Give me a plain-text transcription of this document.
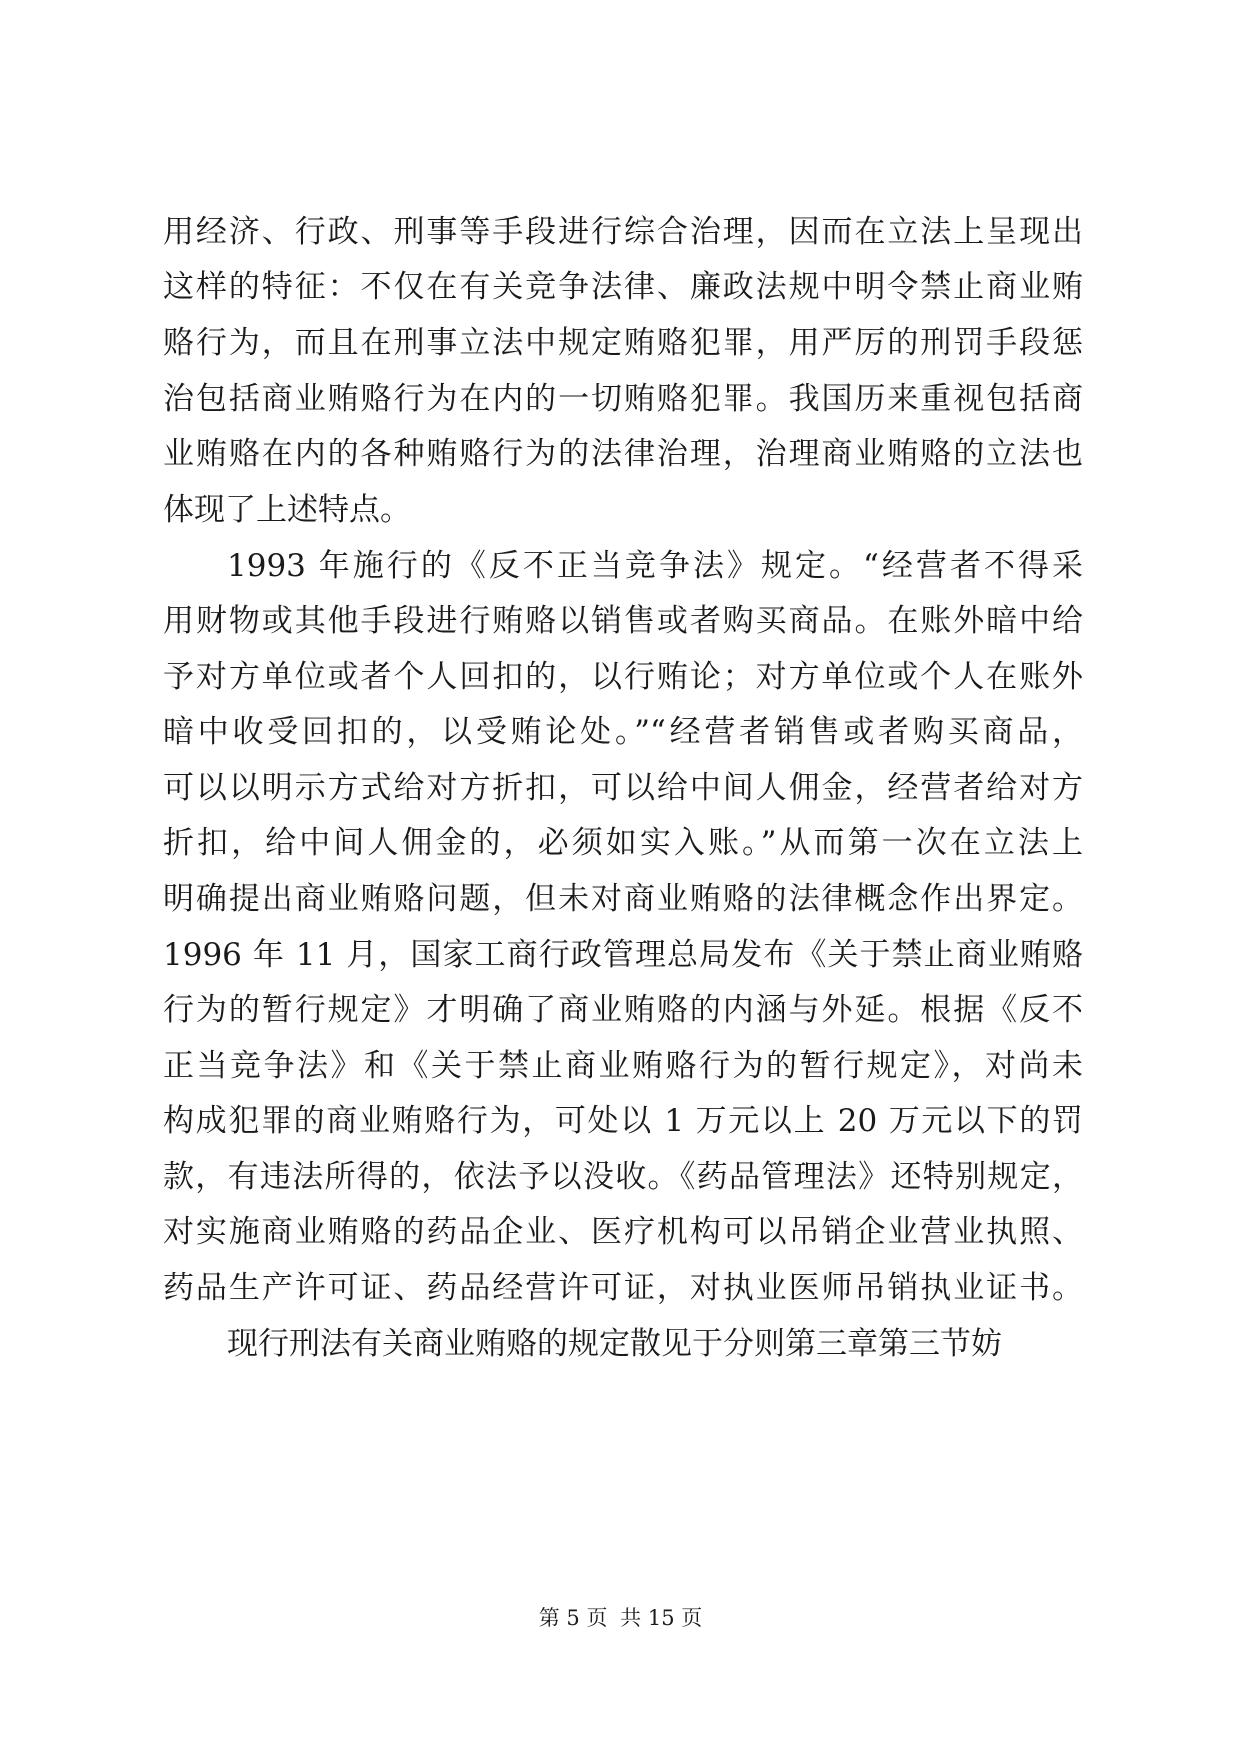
用经济、行政、刑事等手段进行综合治理，因而在立法上呈现出
这样的特征：不仅在有关竞争法律、廉政法规中明令禁止商业贿
赂行为，而且在刑事立法中规定贿赂犯罪，用严厉的刑罚手段惩
治包括商业贿赂行为在内的一切贿赂犯罪。我国历来重视包括商
业贿赂在内的各种贿赂行为的法律治理，治理商业贿赂的立法也
体现了上述特点。
1993 年施行的《反不正当竞争法》规定。“经营者不得采
用财物或其他手段进行贿赂以销售或者购买商品。在账外暗中给
予对方单位或者个人回扣的，以行贿论；对方单位或个人在账外
暗中收受回扣的，以受贿论处。”“经营者销售或者购买商品，
可以以明示方式给对方折扣，可以给中间人佣金，经营者给对方
折扣，给中间人佣金的，必须如实入账。”从而第一次在立法上
明确提出商业贿赂问题，但未对商业贿赂的法律概念作出界定。
1996 年 11 月，国家工商行政管理总局发布《关于禁止商业贿赂
行为的暂行规定》才明确了商业贿赂的内涵与外延。根据《反不
正当竞争法》和《关于禁止商业贿赂行为的暂行规定》，对尚未
构成犯罪的商业贿赂行为，可处以 1 万元以上 20 万元以下的罚
款，有违法所得的，依法予以没收。《药品管理法》还特别规定，
对实施商业贿赂的药品企业、医疗机构可以吊销企业营业执照、
药品生产许可证、药品经营许可证，对执业医师吊销执业证书。
现行刑法有关商业贿赂的规定散见于分则第三章第三节妨
第 5 页 共 15 页
